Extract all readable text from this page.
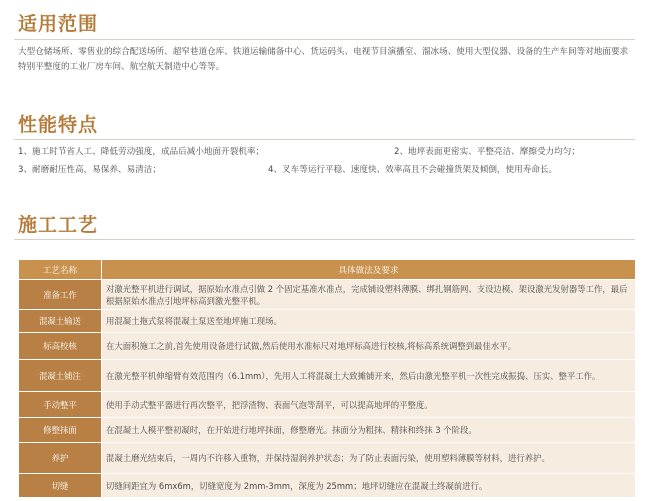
适用范围
大型仓储场所、零售业的综合配送场所、超窄巷道仓库、铁道运输储备中心、货运码头、电视节目演播室、溜冰场、使用大型仪器、设备的生产车间等对地面要求特别平整度的工业厂房车间、航空航天制造中心等等。
性能特点
1、施工时节省人工、降低劳动强度，成品后减小地面开裂机率；	2、地坪表面更密实、平整亮洁、摩擦受力均匀；
3、耐磨耐压性高，易保养、易清洁；	4、叉车等运行平稳、速度快、效率高且不会碰撞货架及倾倒，使用寿命长。
施工工艺
工艺名称	具体做法及要求
准备工作	对激光整平机进行调试，据原始水准点引做 2 个固定基准水准点，完成铺设塑料薄膜、绑扎钢筋网、支设边模、架设激光发射器等工作，最后根据原始水准点引地坪标高到激光整平机。
混凝土输送	用混凝土拖式泵将混凝土泵送至地坪施工现场。
标高校核	在大面积施工之前,首先使用设备进行试做,然后使用水准标尺对地坪标高进行校核,将标高系统调整到最佳水平。
混凝土铺注	在激光整平机伸缩臂有效范围内（6.1mm），先用人工将混凝土大致摊铺开来，然后由激光整平机一次性完成振捣、压实、整平工作。
手动整平	使用手动式整平器进行再次整平，把浮渣物、表面气泡等刮平，可以提高地坪的平整度。
修整抹面	在混凝土人模平整初凝时，在开始进行地坪抹面，修整磨光。抹面分为粗抹、精抹和终抹 3 个阶段。
养护	混凝土磨光结束后，一周内不许移入重物，并保持湿润养护状态；为了防止表面污染，使用塑料薄膜等材料，进行养护。
切缝	切缝间距宜为 6mx6m，切缝宽度为 2mm-3mm，深度为 25mm；地坪切缝应在混凝土终凝前进行。
